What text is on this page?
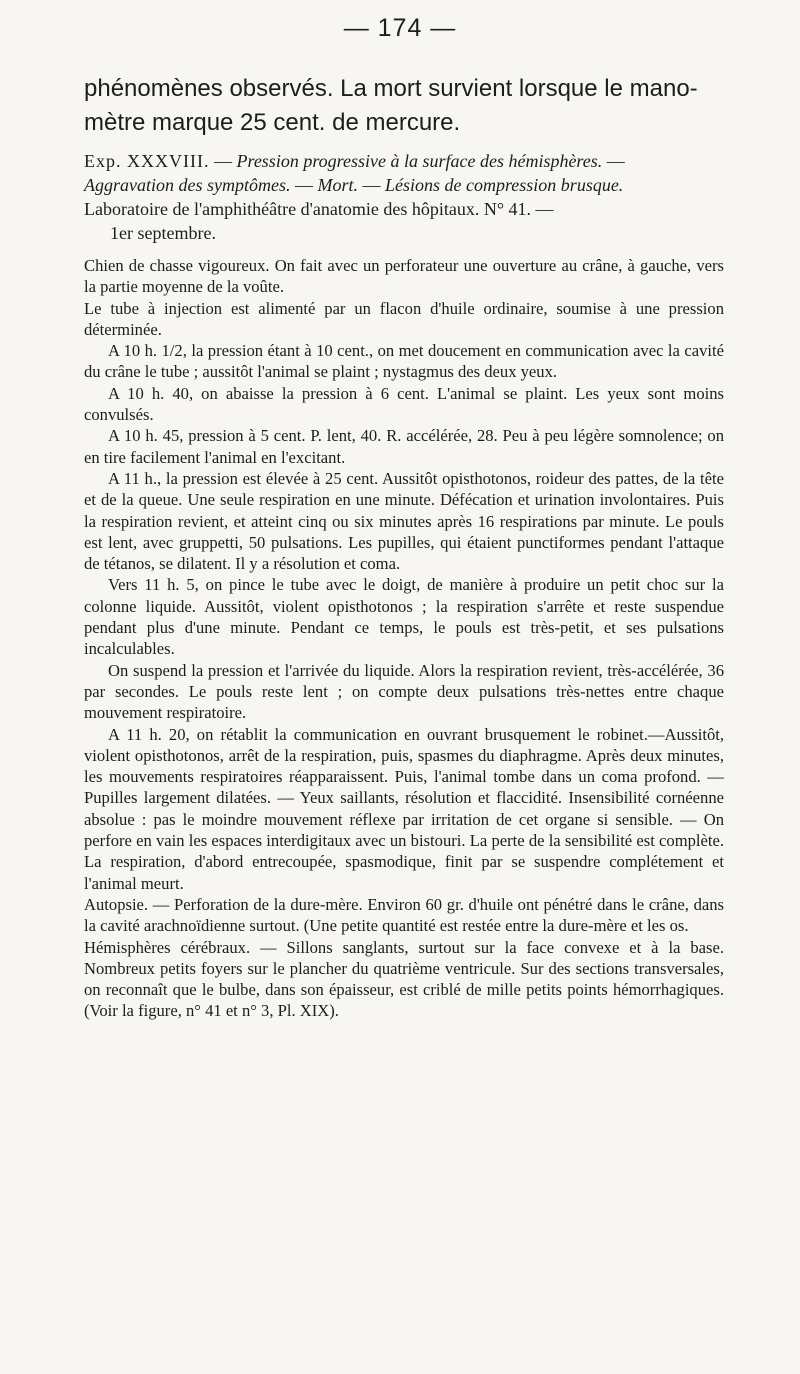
— 174 —

phénomènes observés. La mort survient lorsque le mano-mètre marque 25 cent. de mercure.

Exp. XXXVIII. — Pression progressive à la surface des hémisphères. —
Aggravation des symptômes. — Mort. — Lésions de compression brusque.
Laboratoire de l'amphithéâtre d'anatomie des hôpitaux. N° 41. —
1er septembre.

Chien de chasse vigoureux. On fait avec un perforateur une ouverture au crâne, à gauche, vers la partie moyenne de la voûte.

Le tube à injection est alimenté par un flacon d'huile ordinaire, soumise à une pression déterminée.

A 10 h. 1/2, la pression étant à 10 cent., on met doucement en communication avec la cavité du crâne le tube ; aussitôt l'animal se plaint ; nystagmus des deux yeux.

A 10 h. 40, on abaisse la pression à 6 cent. L'animal se plaint. Les yeux sont moins convulsés.

A 10 h. 45, pression à 5 cent. P. lent, 40. R. accélérée, 28. Peu à peu légère somnolence; on en tire facilement l'animal en l'excitant.

A 11 h., la pression est élevée à 25 cent. Aussitôt opisthotonos, roideur des pattes, de la tête et de la queue. Une seule respiration en une minute. Défécation et urination involontaires. Puis la respiration revient, et atteint cinq ou six minutes après 16 respirations par minute. Le pouls est lent, avec gruppetti, 50 pulsations. Les pupilles, qui étaient punctiformes pendant l'attaque de tétanos, se dilatent. Il y a résolution et coma.

Vers 11 h. 5, on pince le tube avec le doigt, de manière à produire un petit choc sur la colonne liquide. Aussitôt, violent opisthotonos ; la respiration s'arrête et reste suspendue pendant plus d'une minute. Pendant ce temps, le pouls est très-petit, et ses pulsations incalculables.

On suspend la pression et l'arrivée du liquide. Alors la respiration revient, très-accélérée, 36 par secondes. Le pouls reste lent ; on compte deux pulsations très-nettes entre chaque mouvement respiratoire.

A 11 h. 20, on rétablit la communication en ouvrant brusquement le robinet.—Aussitôt, violent opisthotonos, arrêt de la respiration, puis, spasmes du diaphragme. Après deux minutes, les mouvements respiratoires réapparaissent. Puis, l'animal tombe dans un coma profond. — Pupilles largement dilatées. — Yeux saillants, résolution et flaccidité. Insensibilité cornéenne absolue : pas le moindre mouvement réflexe par irritation de cet organe si sensible. — On perfore en vain les espaces interdigitaux avec un bistouri. La perte de la sensibilité est complète. La respiration, d'abord entrecoupée, spasmodique, finit par se suspendre complétement et l'animal meurt.

Autopsie. — Perforation de la dure-mère. Environ 60 gr. d'huile ont pénétré dans le crâne, dans la cavité arachnoïdienne surtout. (Une petite quantité est restée entre la dure-mère et les os.

Hémisphères cérébraux. — Sillons sanglants, surtout sur la face convexe et à la base. Nombreux petits foyers sur le plancher du quatrième ventricule. Sur des sections transversales, on reconnaît que le bulbe, dans son épaisseur, est criblé de mille petits points hémorrhagiques. (Voir la figure, n° 41 et n° 3, Pl. XIX).
